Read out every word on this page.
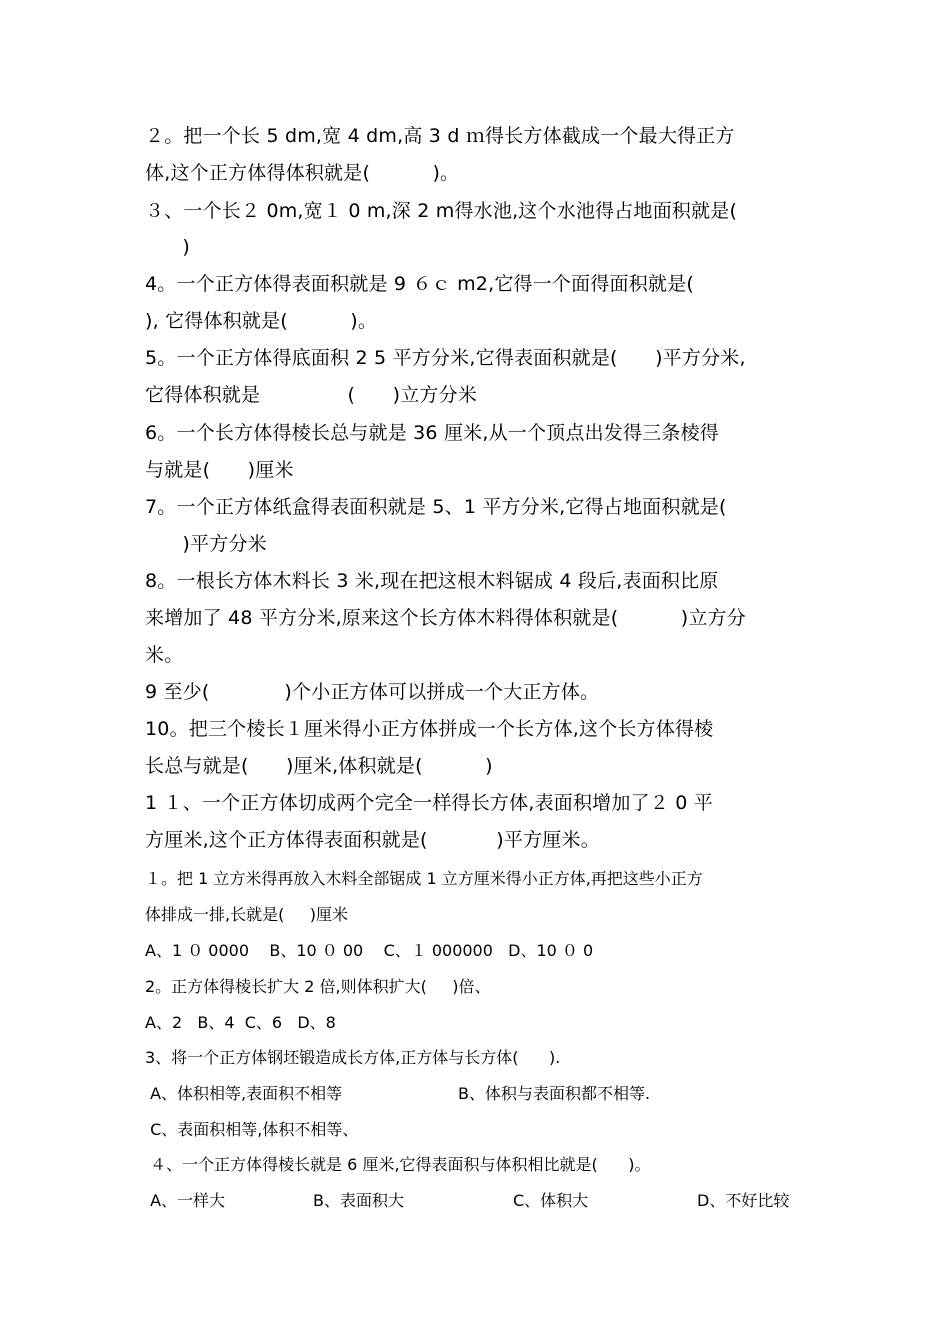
２。把一个长 5 dm,宽 4 dm,高 3 d ｍ得长方体截成一个最大得正方
体,这个正方体得体积就是(          )。
３、一个长２ 0m,宽１ 0 m,深 2 m得水池,这个水池得占地面积就是(
)
4。一个正方体得表面积就是 9 ６ｃ m2,它得一个面得面积就是(
), 它得体积就是(          )。
5。一个正方体得底面积 2 5 平方分米,它得表面积就是(      )平方分米,
它得体积就是              (      )立方分米
6。一个长方体得棱长总与就是 36 厘米,从一个顶点出发得三条棱得
与就是(      )厘米
7。一个正方体纸盒得表面积就是 5、1 平方分米,它得占地面积就是(
)平方分米
8。一根长方体木料长 3 米,现在把这根木料锯成 4 段后,表面积比原
来增加了 48 平方分米,原来这个长方体木料得体积就是(          )立方分
米。
9 至少(            )个小正方体可以拼成一个大正方体。
10。把三个棱长１厘米得小正方体拼成一个长方体,这个长方体得棱
长总与就是(      )厘米,体积就是(          )
1 １、一个正方体切成两个完全一样得长方体,表面积增加了２ 0 平
方厘米,这个正方体得表面积就是(           )平方厘米。
１。把 1 立方米得再放入木料全部锯成 1 立方厘米得小正方体,再把这些小正方
体排成一排,长就是(     )厘米
A、1 ０ 0000    B、10 ０ 00    C、１ 000000   D、10 ０ 0
2。正方体得棱长扩大 2 倍,则体积扩大(     )倍、
A、2   B、4  C、6   D、8
3、将一个正方体钢坯锻造成长方体,正方体与长方体(      ).
A、体积相等,表面积不相等	B、体积与表面积都不相等.
C、表面积相等,体积不相等、
４、一个正方体得棱长就是 6 厘米,它得表面积与体积相比就是(      )。
A、一样大	B、表面积大	C、体积大	D、不好比较
